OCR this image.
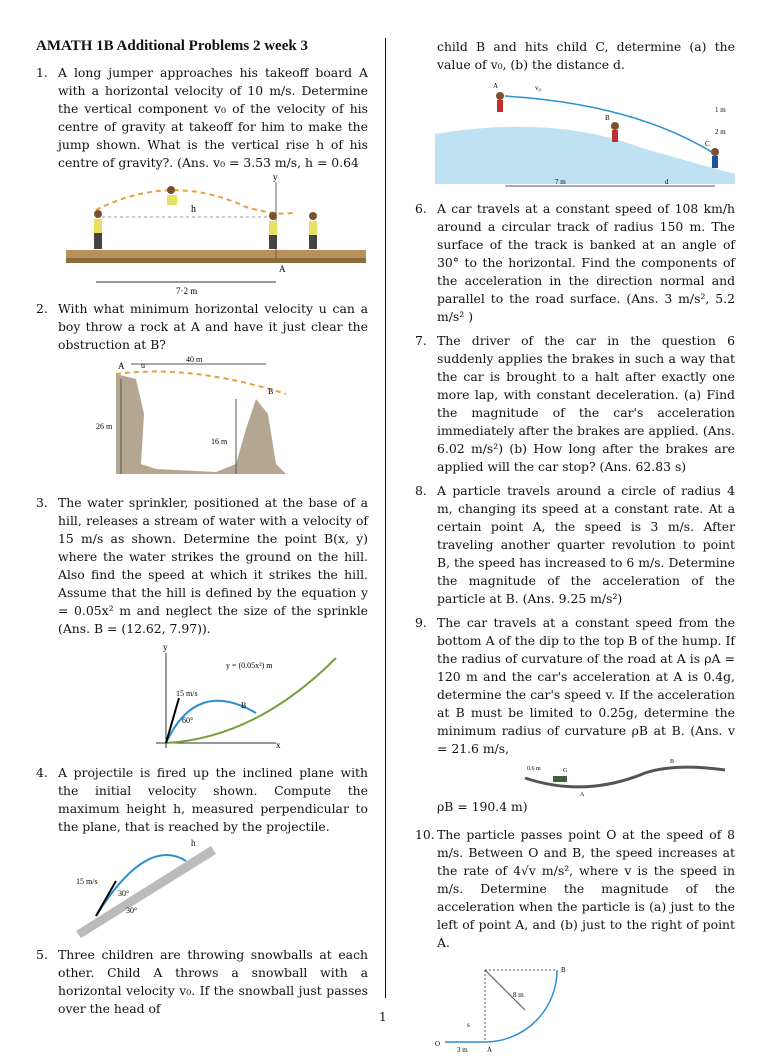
AMATH 1B Additional Problems 2 week 3
1. A long jumper approaches his takeoff board A with a horizontal velocity of 10 m/s. Determine the vertical component v₀ of the velocity of his centre of gravity at takeoff for him to make the jump shown. What is the vertical rise h of his centre of gravity?. (Ans. v₀ = 3.53 m/s, h = 0.64
y
h
A
7·2 m
2. With what minimum horizontal velocity u can a boy throw a rock at A and have it just clear the obstruction at B?
40 m
A u
B
26 m
16 m
3. The water sprinkler, positioned at the base of a hill, releases a stream of water with a velocity of 15 m/s as shown. Determine the point B(x, y) where the water strikes the ground on the hill. Also find the speed at which it strikes the hill. Assume that the hill is defined by the equation y = 0.05x² m and neglect the size of the sprinkle (Ans. B = (12.62, 7.97)).
y
x
15 m/s
60°
B
y = (0.05x²) m
4. A projectile is fired up the inclined plane with the initial velocity shown. Compute the maximum height h, measured perpendicular to the plane, that is reached by the projectile.
15 m/s
30°
30°
h
5. Three children are throwing snowballs at each other. Child A throws a snowball with a horizontal velocity v₀. If the snowball just passes over the head of
child B and hits child C, determine (a) the value of v₀, (b) the distance d.
A
B
C
v₀
1 m
2 m
7 m	d
6. A car travels at a constant speed of 108 km/h around a circular track of radius 150 m. The surface of the track is banked at an angle of 30° to the horizontal. Find the components of the acceleration in the direction normal and parallel to the road surface. (Ans. 3 m/s², 5.2 m/s² )
7. The driver of the car in the question 6 suddenly applies the brakes in such a way that the car is brought to a halt after exactly one more lap, with constant deceleration. (a) Find the magnitude of the car's acceleration immediately after the brakes are applied. (Ans. 6.02 m/s²) (b) How long after the brakes are applied will the car stop? (Ans. 62.83 s)
8. A particle travels around a circle of radius 4 m, changing its speed at a constant rate. At a certain point A, the speed is 3 m/s. After traveling another quarter revolution to point B, the speed has increased to 6 m/s. Determine the magnitude of the acceleration of the particle at B. (Ans. 9.25 m/s²)
9. The car travels at a constant speed from the bottom A of the dip to the top B of the hump. If the radius of curvature of the road at A is ρA = 120 m and the car's acceleration at A is 0.4g, determine the car's speed v. If the acceleration at B must be limited to 0.25g, determine the minimum radius of curvature ρB at B. (Ans. v = 21.6 m/s,
0.6 m	G
A
B
ρB = 190.4 m)
10. The particle passes point O at the speed of 8 m/s. Between O and B, the speed increases at the rate of 4√v m/s², where v is the speed in m/s. Determine the magnitude of the acceleration when the particle is (a) just to the left of point A, and (b) just to the right of point A.
8 m
B
A
O
s
3 m
1
